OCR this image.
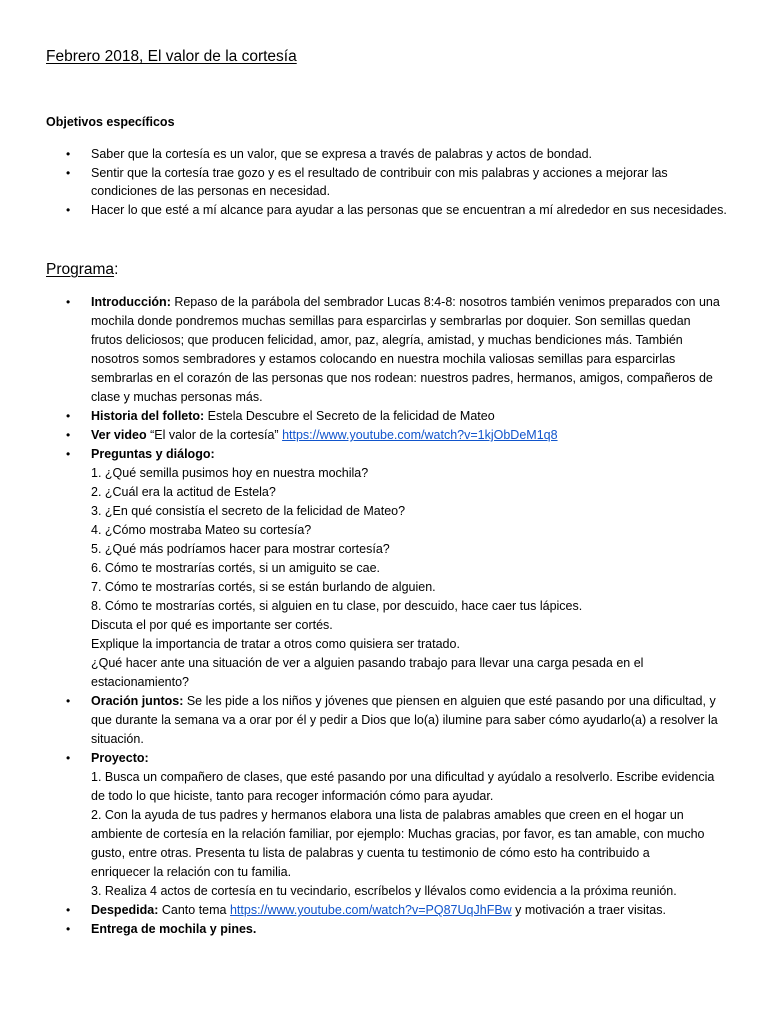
Febrero 2018, El valor de la cortesía
Objetivos específicos
• Saber que la cortesía es un valor, que se expresa a través de palabras y actos de bondad.
• Sentir que la cortesía trae gozo y es el resultado de contribuir con mis palabras y acciones a mejorar las
condiciones de las personas en necesidad.
• Hacer lo que esté a mí alcance para ayudar a las personas que se encuentran a mí alrededor en sus necesidades.
Programa:
• Introducción: Repaso de la parábola del sembrador Lucas 8:4-8: nosotros también venimos preparados con una
mochila donde pondremos muchas semillas para esparcirlas y sembrarlas por doquier. Son semillas quedan
frutos deliciosos; que producen felicidad, amor, paz, alegría, amistad, y muchas bendiciones más. También
nosotros somos sembradores y estamos colocando en nuestra mochila valiosas semillas para esparcirlas
sembrarlas en el corazón de las personas que nos rodean: nuestros padres, hermanos, amigos, compañeros de
clase y muchas personas más.
• Historia del folleto: Estela Descubre el Secreto de la felicidad de Mateo
• Ver video “El valor de la cortesía” https://www.youtube.com/watch?v=1kjObDeM1q8
• Preguntas y diálogo:
1. ¿Qué semilla pusimos hoy en nuestra mochila?
2. ¿Cuál era la actitud de Estela?
3. ¿En qué consistía el secreto de la felicidad de Mateo?
4. ¿Cómo mostraba Mateo su cortesía?
5. ¿Qué más podríamos hacer para mostrar cortesía?
6. Cómo te mostrarías cortés, si un amiguito se cae.
7. Cómo te mostrarías cortés, si se están burlando de alguien.
8. Cómo te mostrarías cortés, si alguien en tu clase, por descuido, hace caer tus lápices.
Discuta el por qué es importante ser cortés.
Explique la importancia de tratar a otros como quisiera ser tratado.
¿Qué hacer ante una situación de ver a alguien pasando trabajo para llevar una carga pesada en el
estacionamiento?
• Oración juntos: Se les pide a los niños y jóvenes que piensen en alguien que esté pasando por una dificultad, y
que durante la semana va a orar por él y pedir a Dios que lo(a) ilumine para saber cómo ayudarlo(a) a resolver la
situación.
• Proyecto:
1. Busca un compañero de clases, que esté pasando por una dificultad y ayúdalo a resolverlo. Escribe evidencia
de todo lo que hiciste, tanto para recoger información cómo para ayudar.
2. Con la ayuda de tus padres y hermanos elabora una lista de palabras amables que creen en el hogar un
ambiente de cortesía en la relación familiar, por ejemplo: Muchas gracias, por favor, es tan amable, con mucho
gusto, entre otras. Presenta tu lista de palabras y cuenta tu testimonio de cómo esto ha contribuido a
enriquecer la relación con tu familia.
3. Realiza 4 actos de cortesía en tu vecindario, escríbelos y llévalos como evidencia a la próxima reunión.
• Despedida: Canto tema https://www.youtube.com/watch?v=PQ87UqJhFBw y motivación a traer visitas.
• Entrega de mochila y pines.
